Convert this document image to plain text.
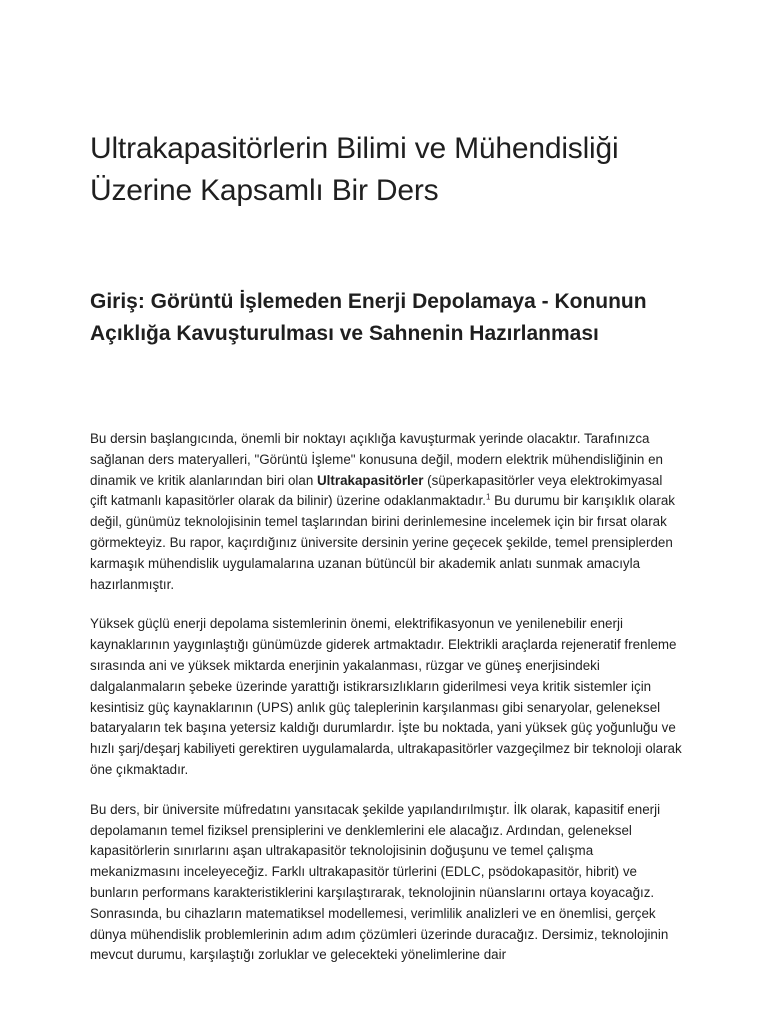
Ultrakapasitörlerin Bilimi ve Mühendisliği Üzerine Kapsamlı Bir Ders
Giriş: Görüntü İşlemeden Enerji Depolamaya - Konunun Açıklığa Kavuşturulması ve Sahnenin Hazırlanması

Bu dersin başlangıcında, önemli bir noktayı açıklığa kavuşturmak yerinde olacaktır. Tarafınızca sağlanan ders materyalleri, "Görüntü İşleme" konusuna değil, modern elektrik mühendisliğinin en dinamik ve kritik alanlarından biri olan Ultrakapasitörler (süperkapasitörler veya elektrokimyasal çift katmanlı kapasitörler olarak da bilinir) üzerine odaklanmaktadır.$^1$ Bu durumu bir karışıklık olarak değil, günümüz teknolojisinin temel taşlarından birini derinlemesine incelemek için bir fırsat olarak görmekteyiz. Bu rapor, kaçırdığınız üniversite dersinin yerine geçecek şekilde, temel prensiplerden karmaşık mühendislik uygulamalarına uzanan bütüncül bir akademik anlatı sunmak amacıyla hazırlanmıştır.

Yüksek güçlü enerji depolama sistemlerinin önemi, elektrifikasyonun ve yenilenebilir enerji kaynaklarının yaygınlaştığı günümüzde giderek artmaktadır. Elektrikli araçlarda rejeneratif frenleme sırasında ani ve yüksek miktarda enerjinin yakalanması, rüzgar ve güneş enerjisindeki dalgalanmaların şebeke üzerinde yarattığı istikrarsızlıkların giderilmesi veya kritik sistemler için kesintisiz güç kaynaklarının (UPS) anlık güç taleplerinin karşılanması gibi senaryolar, geleneksel bataryaların tek başına yetersiz kaldığı durumlardır. İşte bu noktada, yani yüksek güç yoğunluğu ve hızlı şarj/deşarj kabiliyeti gerektiren uygulamalarda, ultrakapasitörler vazgeçilmez bir teknoloji olarak öne çıkmaktadır.

Bu ders, bir üniversite müfredatını yansıtacak şekilde yapılandırılmıştır. İlk olarak, kapasitif enerji depolamanın temel fiziksel prensiplerini ve denklemlerini ele alacağız. Ardından, geleneksel kapasitörlerin sınırlarını aşan ultrakapasitör teknolojisinin doğuşunu ve temel çalışma mekanizmasını inceleyeceğiz. Farklı ultrakapasitör türlerini (EDLC, psödokapasitör, hibrit) ve bunların performans karakteristiklerini karşılaştırarak, teknolojinin nüanslarını ortaya koyacağız. Sonrasında, bu cihazların matematiksel modellemesi, verimlilik analizleri ve en önemlisi, gerçek dünya mühendislik problemlerinin adım adım çözümleri üzerinde duracağız. Dersimiz, teknolojinin mevcut durumu, karşılaştığı zorluklar ve gelecekteki yönelimlerine dair
